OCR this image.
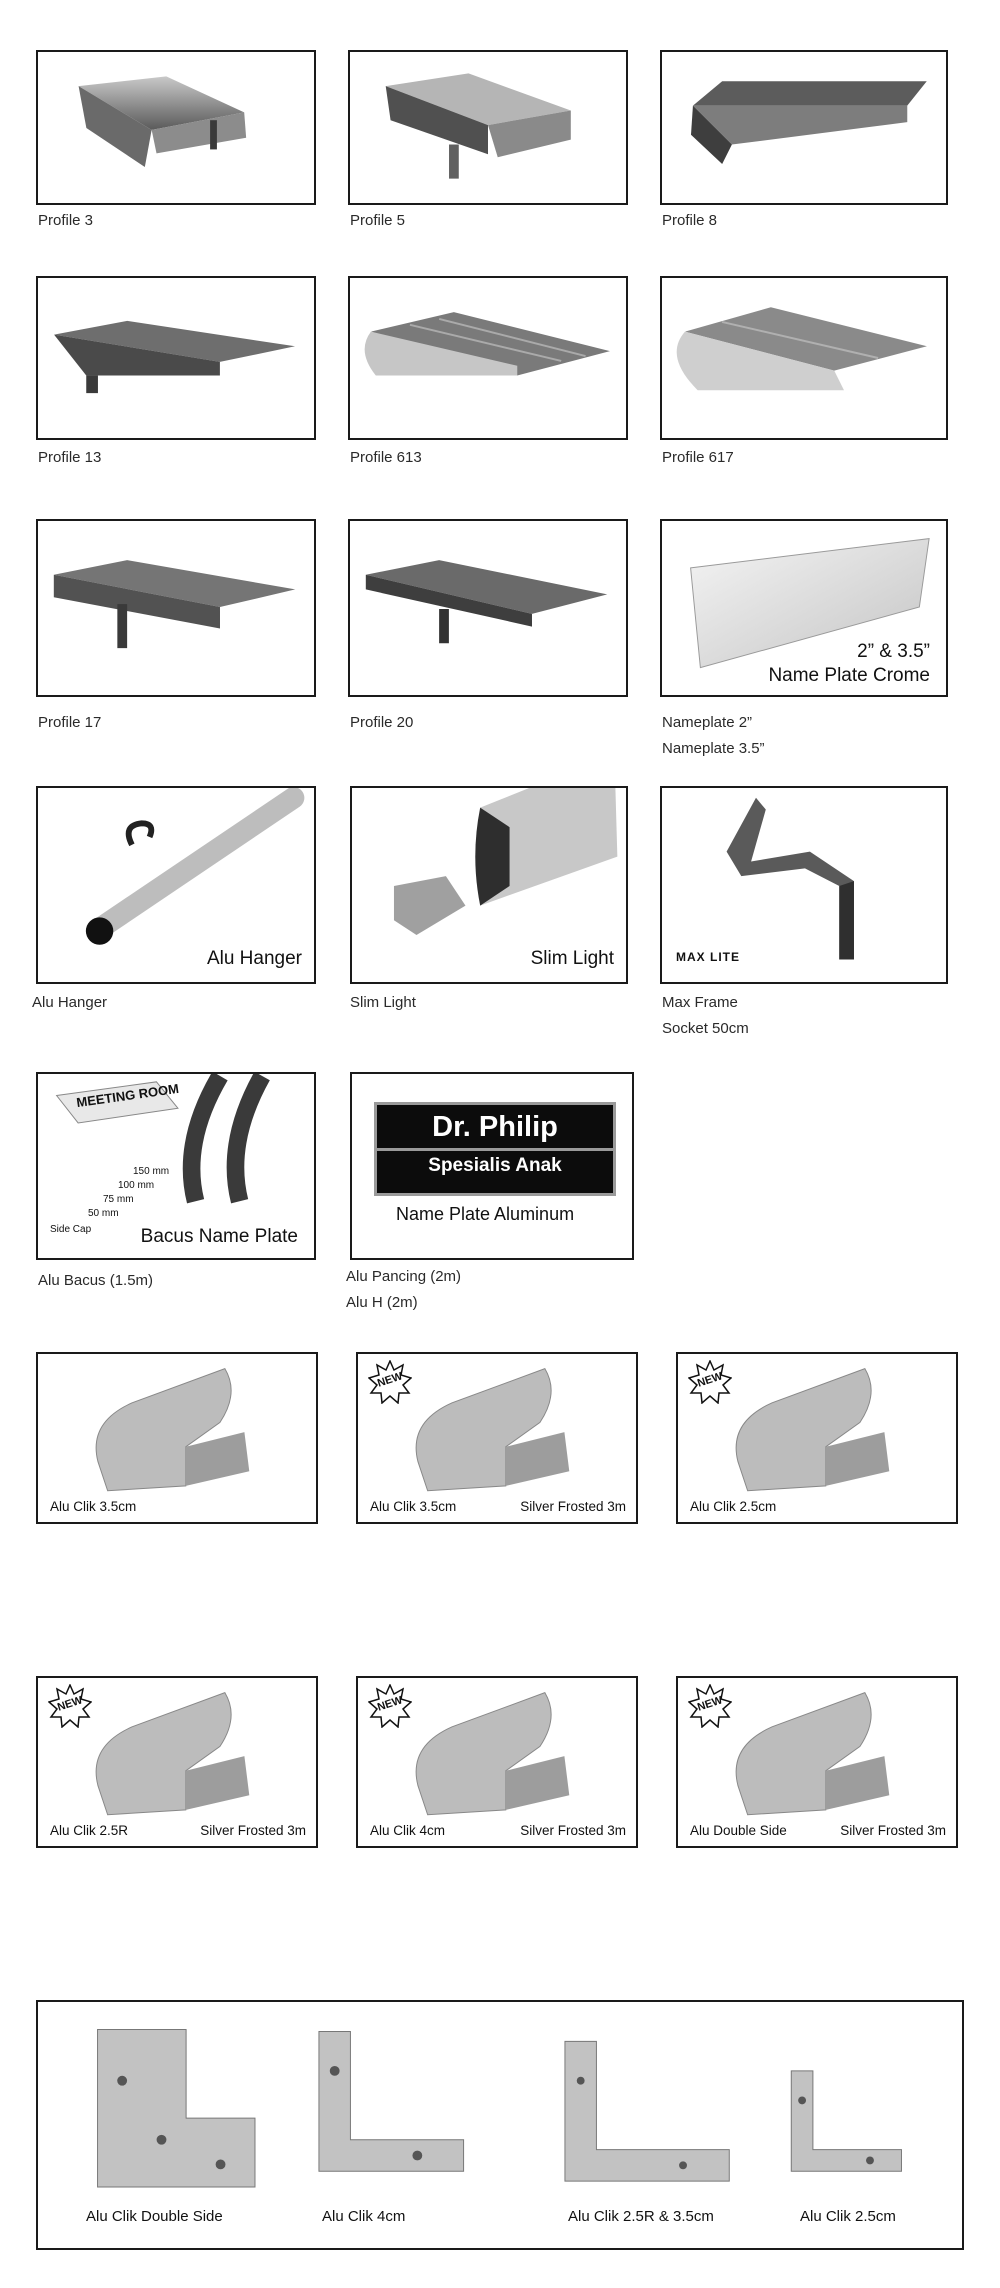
Profile 3	Profile 5	Profile 8
Profile 13	Profile 613	Profile 617
Profile 17	Profile 20
2” & 3.5”
Name Plate Crome
Nameplate 2”
Nameplate 3.5”
Alu Hanger
Alu Hanger
Slim Light
Slim Light
MAX LITE
Max Frame
Socket 50cm
MEETING ROOM
150 mm
100 mm
75 mm
50 mm
Side Cap	Bacus Name Plate
Alu Bacus (1.5m)
Dr. Philip
Spesialis Anak
Name Plate Aluminum
Alu Pancing (2m)
Alu H (2m)
Alu Clik 3.5cm	Alu Clik 3.5cm	Silver Frosted 3m
NEW
Alu Clik 2.5cm
NEW
Alu Clik 2.5R	Silver Frosted 3m
NEW
Alu Clik 4cm	Silver Frosted 3m
NEW
Alu Double Side	Silver Frosted 3m
NEW
Alu Clik Double Side	Alu Clik 4cm	Alu Clik 2.5R & 3.5cm	Alu Clik 2.5cm
